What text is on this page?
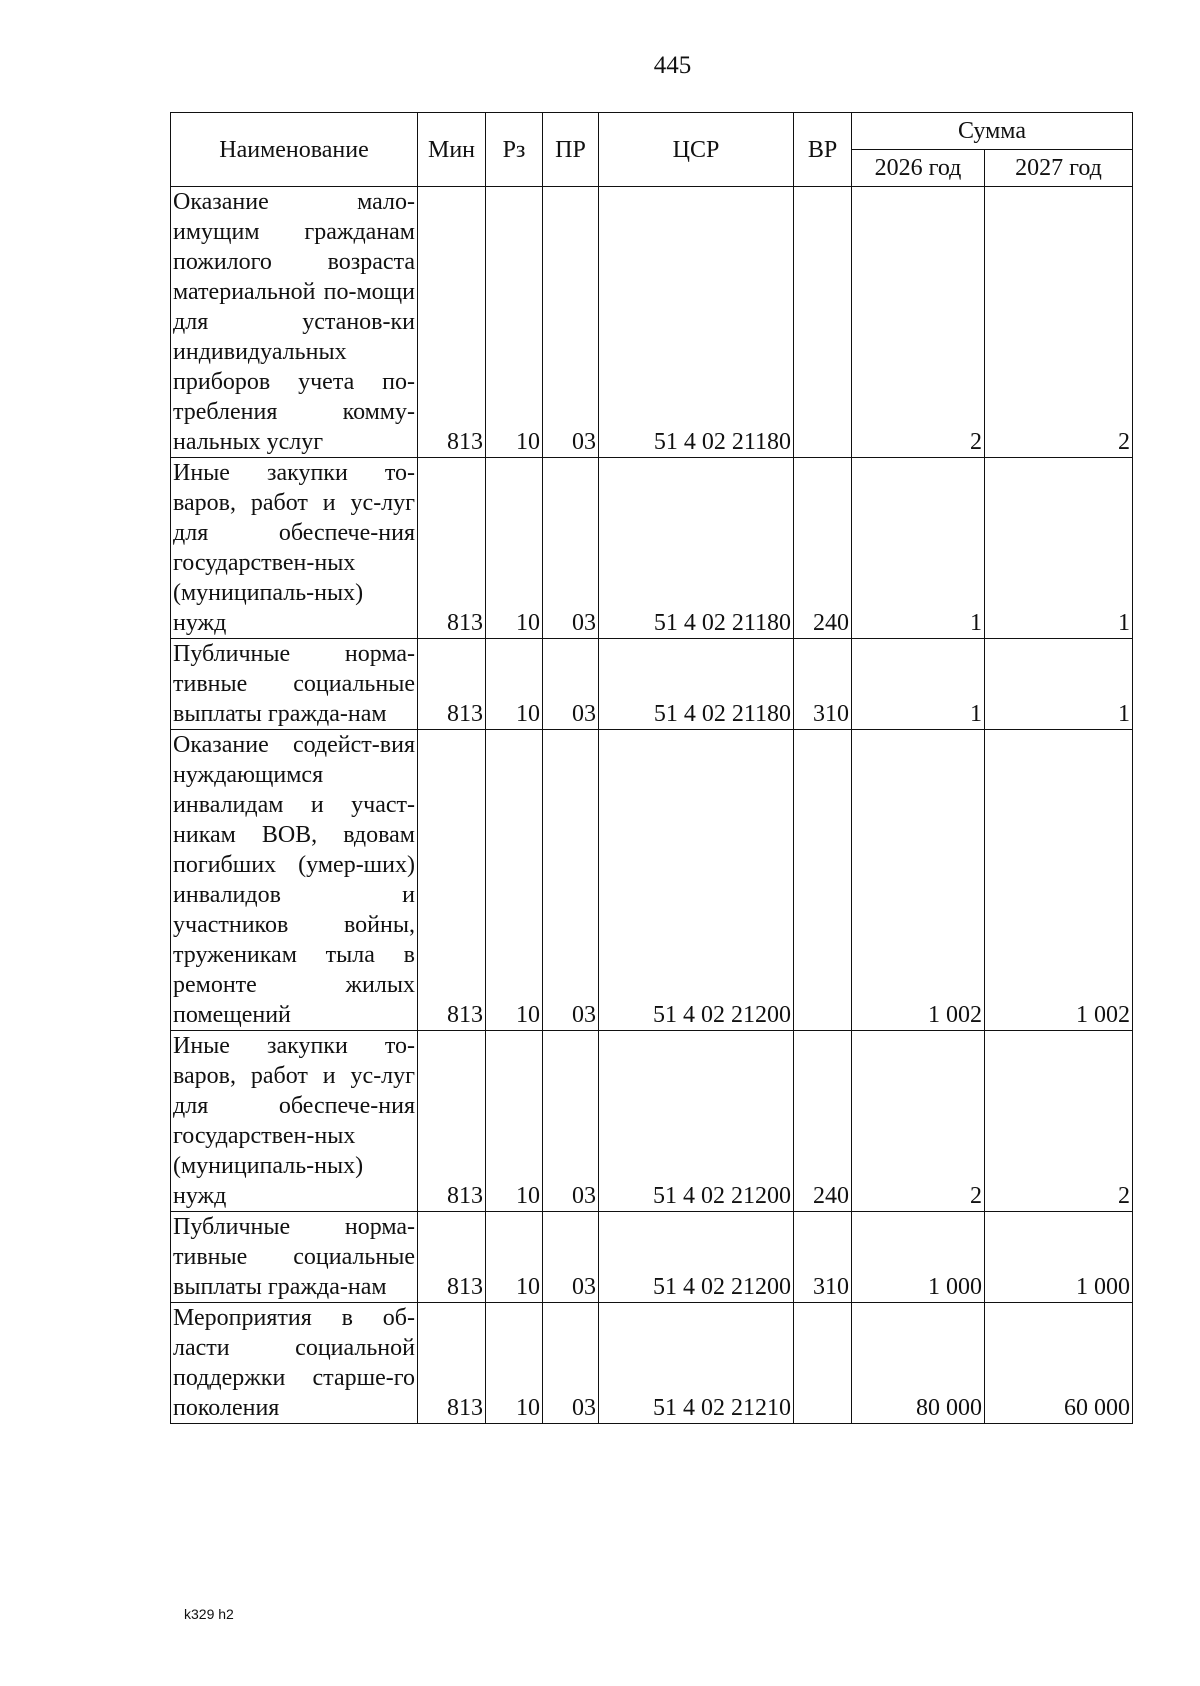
445
Наименование	Мин	Рз	ПР	ЦСР	ВР	Сумма	
						2026 год	2027 год
Оказание мало-имущим гражданам пожилого возраста материальной по-мощи для установ-ки индивидуальных приборов учета по-требления комму-нальных услуг	813	10	03	51 4 02 21180		2	2
Иные закупки то-варов, работ и ус-луг для обеспече-ния государствен-ных (муниципаль-ных) нужд	813	10	03	51 4 02 21180	240	1	1
Публичные норма-тивные социальные выплаты гражда-нам	813	10	03	51 4 02 21180	310	1	1
Оказание содейст-вия нуждающимся инвалидам и участ-никам ВОВ, вдовам погибших (умер-ших) инвалидов и участников войны, труженикам тыла в ремонте жилых помещений	813	10	03	51 4 02 21200		1 002	1 002
Иные закупки то-варов, работ и ус-луг для обеспече-ния государствен-ных (муниципаль-ных) нужд	813	10	03	51 4 02 21200	240	2	2
Публичные норма-тивные социальные выплаты гражда-нам	813	10	03	51 4 02 21200	310	1 000	1 000
Мероприятия в об-ласти социальной поддержки старше-го поколения	813	10	03	51 4 02 21210		80 000	60 000
k329 h2
